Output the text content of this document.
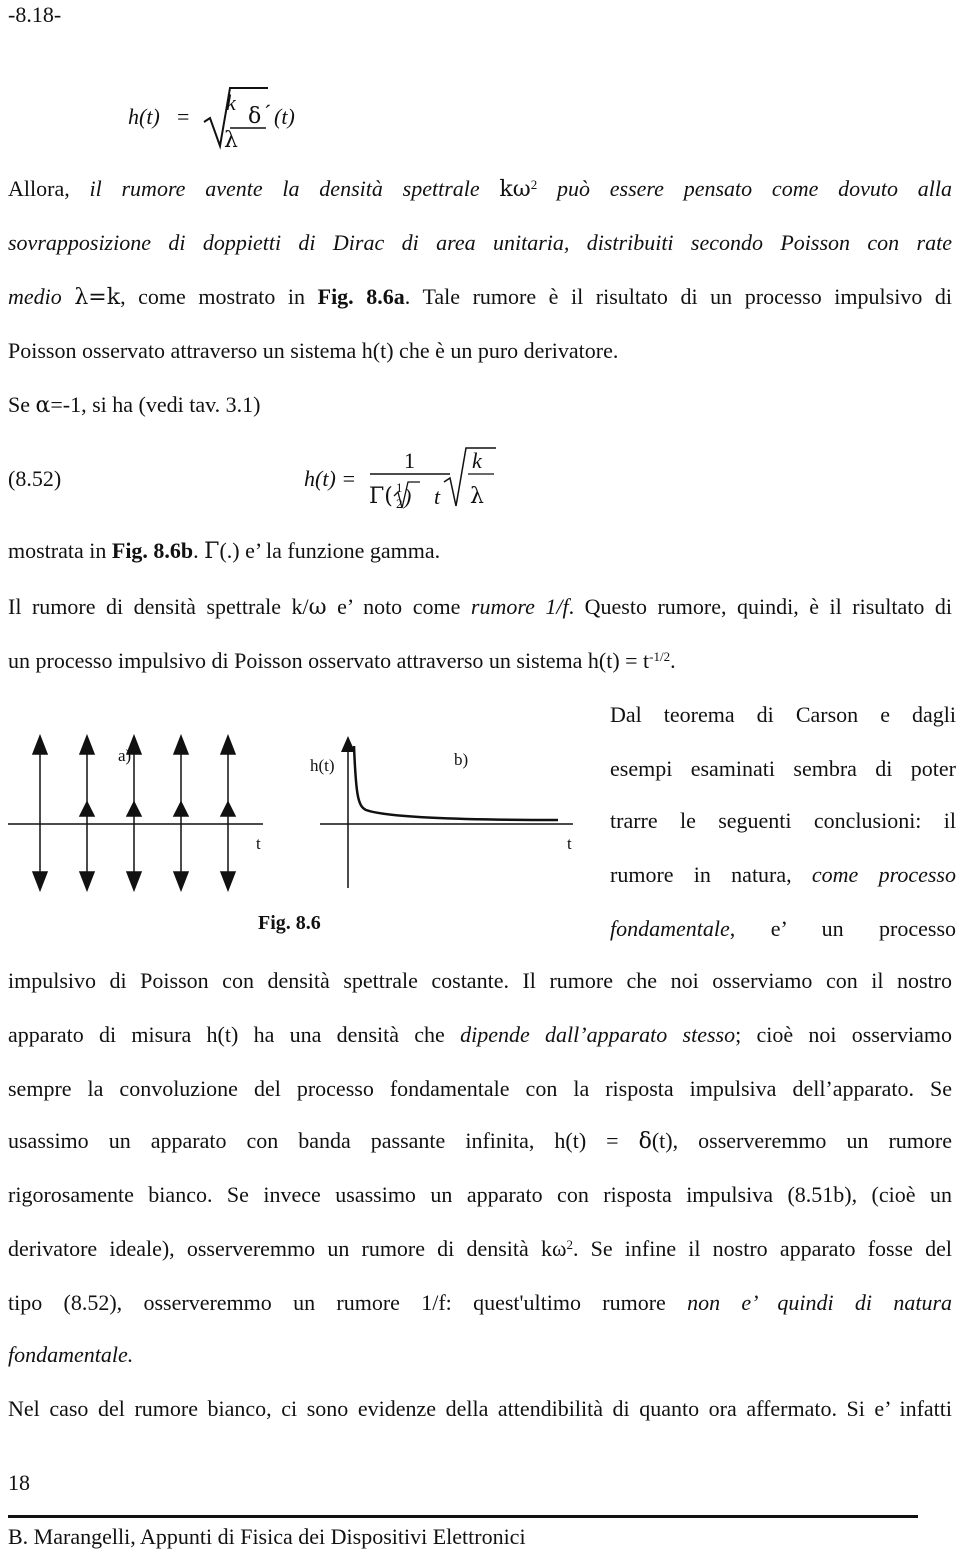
-8.18-
h(t) =
k
λ
δ ´ (t)
Allora, il rumore avente la densità spettrale $k\omega^2$ può essere pensato come dovuto alla
sovrapposizione di doppietti di Dirac di area unitaria, distribuiti secondo Poisson con rate
medio λ=k, come mostrato in Fig. 8.6a. Tale rumore è il risultato di un processo impulsivo di
Poisson osservato attraverso un sistema h(t) che è un puro derivatore.
Se α=-1, si ha (vedi tav. 3.1)
(8.52)	h(t) =
1
Γ( 1
2 ) t
k
λ
mostrata in Fig. 8.6b. Γ(.) e’ la funzione gamma.
Il rumore di densità spettrale k/ω e’ noto come rumore 1/f. Questo rumore, quindi, è il risultato di
un processo impulsivo di Poisson osservato attraverso un sistema $h(t) = t^{-1/2}$.
a)
h(t)	b)
t	t
Fig. 8.6
Dal teorema di Carson e dagli
esempi esaminati sembra di poter
trarre le seguenti conclusioni: il
rumore in natura, come processo
fondamentale, e’ un processo
impulsivo di Poisson con densità spettrale costante. Il rumore che noi osserviamo con il nostro
apparato di misura h(t) ha una densità che dipende dall’apparato stesso; cioè noi osserviamo
sempre la convoluzione del processo fondamentale con la risposta impulsiva dell’apparato. Se
usassimo un apparato con banda passante infinita, h(t) = δ(t), osserveremmo un rumore
rigorosamente bianco. Se invece usassimo un apparato con risposta impulsiva (8.51b), (cioè un
derivatore ideale), osserveremmo un rumore di densità $k\omega^2$. Se infine il nostro apparato fosse del
tipo (8.52), osserveremmo un rumore 1/f: quest'ultimo rumore non e’ quindi di natura
fondamentale.
Nel caso del rumore bianco, ci sono evidenze della attendibilità di quanto ora affermato. Si e’ infatti
18
B. Marangelli, Appunti di Fisica dei Dispositivi Elettronici
